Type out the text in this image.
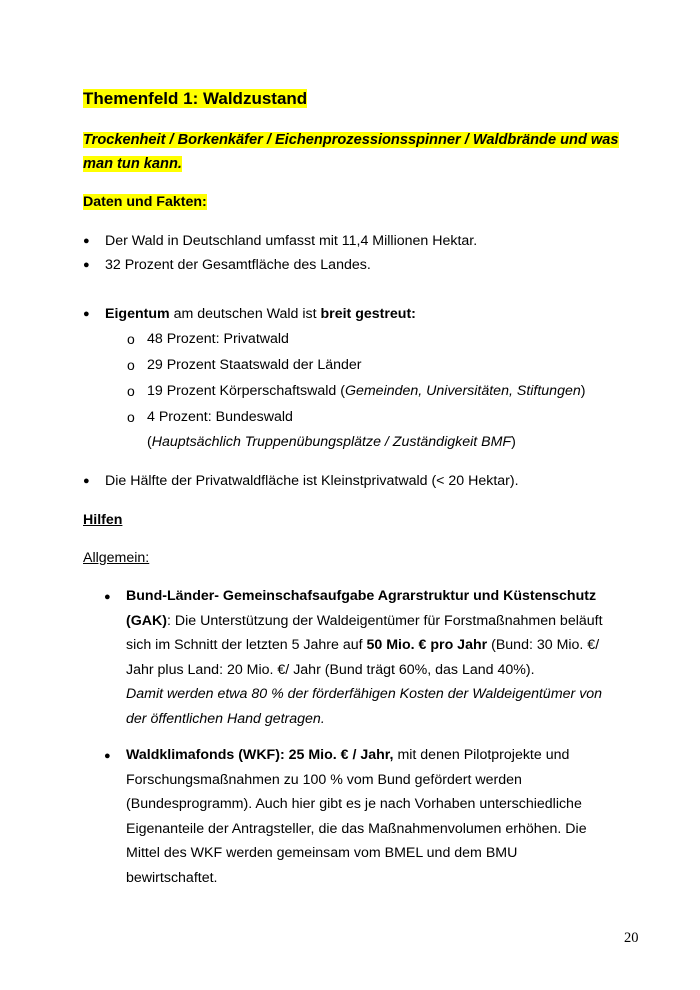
Themenfeld 1: Waldzustand
Trockenheit / Borkenkäfer / Eichenprozessionsspinner / Waldbrände und was man tun kann.
Daten und Fakten:
● Der Wald in Deutschland umfasst mit 11,4 Millionen Hektar.
● 32 Prozent der Gesamtfläche des Landes.
● Eigentum am deutschen Wald ist breit gestreut:
o 48 Prozent: Privatwald
o 29 Prozent Staatswald der Länder
o 19 Prozent Körperschaftswald (Gemeinden, Universitäten, Stiftungen)
o 4 Prozent: Bundeswald
(Hauptsächlich Truppenübungsplätze / Zuständigkeit BMF)
● Die Hälfte der Privatwaldfläche ist Kleinstprivatwald (< 20 Hektar).
Hilfen
Allgemein:
● Bund-Länder- Gemeinschafsaufgabe Agrarstruktur und Küstenschutz (GAK): Die Unterstützung der Waldeigentümer für Forstmaßnahmen beläuft sich im Schnitt der letzten 5 Jahre auf 50 Mio. € pro Jahr (Bund: 30 Mio. €/ Jahr plus Land: 20 Mio. €/ Jahr (Bund trägt 60%, das Land 40%).
Damit werden etwa 80 % der förderfähigen Kosten der Waldeigentümer von der öffentlichen Hand getragen.
● Waldklimafonds (WKF): 25 Mio. € / Jahr, mit denen Pilotprojekte und Forschungsmaßnahmen zu 100 % vom Bund gefördert werden (Bundesprogramm). Auch hier gibt es je nach Vorhaben unterschiedliche Eigenanteile der Antragsteller, die das Maßnahmenvolumen erhöhen. Die Mittel des WKF werden gemeinsam vom BMEL und dem BMU bewirtschaftet.
20
